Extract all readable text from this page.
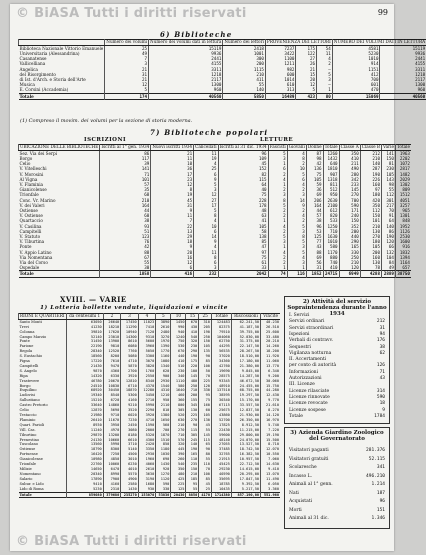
© BiASA Tutti i diritti riservati	99
6) Biblioteche
	Numero dei volumi	Numero dei volumi dati in lettura	Numero dei lettori	PROVENIENZA DEI LETTORI			NUMERO DEI VOLUMI DATI IN LETTURA	
Biblioteca Nazionale Vittorio Emanuele	25	15119	2418	7237	175	54	4581	15119
Universitaria (Alessandrina)	49	9936	1001	3422	122	11	5230	9936
Casanatense	7	2441	300	1100	27	4	1010	2441
Vallicelliana	3	4155	200	1211	26	2	914	4155
Angelica	21	3311	1115	982	21	—	1151	3311
del Risorgimento	31	1218	210	600	15	5	412	1218
di Ist. d'Arch. e Storia dell'Arte	21	2117	411	1014	20	3	700	2117
Musica	12	1300	55	610	12	—	601	1300
E. Corsini (Accademia)	5	960	140	313	5	1	470	960
Totale	174	40560	5850	16489	423	80	15069	40560
(1) Compreso il movim. dei volumi per la sezione di storia moderna.
7) Biblioteche popolari
ISCRIZIONI	LETTURE
UBICAZIONE DELLE BIBLIOTECHE	Iscritti al 1° gen. 1934	Nuovi iscritti 1934	Cancellati	Iscritti al 31 dic. 1934	Fascisti	Giovani	Donne	Totale	Classe A	Classe B	Varie	Totale
Sez. Via dei Serpi	86	21	11	96	5	4	87	1260	350	212	141	1963
Borgo	117	11	19	109	3	8	98	1432	410	210	150	2202
Celio	39	10	4	45	1	2	42	640	211	140	81	1072
V. Vitelleschi	141	36	25	152	6	10	136	1810	490	287	230	2817
V. Morosini	71	17	6	82	2	5	75	907	280	190	105	1482
Al Vigna	101	23	9	115	4	6	105	1318	342	226	143	2029
V. Flaminia	57	12	5	64	1	4	59	811	233	160	98	1302
Gianicolense	35	8	3	40	2	2	36	512	145	97	55	809
Trionfale	68	19	12	75	3	3	69	950	270	180	112	1512
Conc. Vr. Marino	210	45	27	228	8	14	206	2630	700	420	301	4051
V. dei Valeri	164	31	17	178	5	9	164	2100	590	350	217	3257
Ostiense	44	9	5	48	2	2	44	612	171	112	70	965
V. Ostiense	60	11	8	63	2	4	57	820	240	150	91	1301
Quartaccio	38	7	4	41	1	2	38	533	150	101	64	848
V. Casilina	93	22	10	105	4	5	96	1250	352	210	140	1952
Campitelli	51	13	6	58	2	3	53	710	200	130	86	1126
V. Statuto	123	29	14	138	5	8	125	1630	440	270	190	2530
V. Tiburtina	76	18	9	85	3	5	77	1010	290	180	120	1600
Ponte	42	9	4	47	1	3	43	580	165	105	66	916
V. Appio Latino	88	20	11	97	4	5	88	1170	330	200	132	1832
Via Nomentana	67	16	8	75	2	4	69	880	250	160	104	1394
Via del Corso	55	12	6	61	2	3	56	740	210	130	84	1164
Ospedale	30	6	3	33	1	1	31	410	120	78	49	657
Totale	1858	416	232	2042	74	116	1852	24715	6949	4288	2889	38750
XVIII. — VARIE
1) Lotteria bollette vendute, liquidazioni e vincite
RIONI E QUARTIERI	da centesimi 1	2	3	4	5	10	15	25	Totale	Riscossioni	Vincite
Santo Monti	63050	26640	17450	11023	3890	1450	670	310	124483	62.241,50	40.230
Trevi	41230	18210	11290	7410	2610	990	430	205	82375	41.187,50	26.510
Colonna	39810	17620	10940	7120	2480	940	410	190	79510	39.755,00	25.600
Campo Marzio	52140	23010	14300	9310	3270	1240	540	250	104060	52.030,00	33.480
Ponte	31450	13900	8610	5600	1970	750	320	150	62750	31.375,00	20.210
Parione	22190	9810	6080	3960	1390	530	230	105	44295	22.147,50	14.260
Regola	28340	12520	7760	5050	1770	670	290	135	56535	28.267,50	18.200
S. Eustachio	18560	8200	5080	3300	1160	440	190	90	37020	18.510,00	11.920
Pigna	17220	7610	4710	3070	1080	410	175	85	34360	17.180,00	11.060
Campitelli	21430	9470	5870	3820	1340	510	220	100	42760	21.380,00	13.770
S. Angelo	9870	4360	2700	1760	620	230	100	50	19690	9.845,00	6.340
Ripa	14320	6330	3920	2550	900	340	145	70	28575	14.287,50	9.200
Trastevere	46780	20670	12810	8340	2930	1110	480	225	93345	46.672,50	30.060
Borgo	24510	10830	6710	4370	1540	580	250	120	48910	24.455,00	15.750
Esquilino	68920	30450	18870	12280	4310	1640	710	330	137510	68.755,00	44.280
Ludovisi	19340	8540	5300	3450	1210	460	200	95	38595	19.297,50	12.430
Sallustiano	15210	6720	4160	2710	950	360	155	75	30340	15.170,00	9.770
Castro Pretorio	33640	14860	9210	5990	2110	800	345	160	67115	33.557,50	21.610
Celio	12870	5690	3520	2290	810	305	130	60	25675	12.837,50	8.270
Testaccio	21980	9710	6020	3920	1380	520	225	105	43860	21.930,00	14.120
Flaminio	26410	11670	7230	4710	1650	630	270	130	52700	26.350,00	16.970
Quart. Parioli	8930	3950	2450	1590	560	210	90	45	17825	8.912,50	5.740
Vill. Cas.	11240	4970	3080	2000	700	270	115	55	22430	11.215,00	7.220
Tiburtino	29870	13200	8180	5320	1870	710	305	145	59600	29.800,00	19.190
Prenestino	24130	10660	6610	4300	1510	570	245	115	48140	24.070,00	15.500
Tuscolano	13560	5990	3710	2420	850	320	140	65	27055	13.527,50	8.710
Ostiense	18790	8300	5140	3350	1180	445	190	90	37485	18.742,50	12.070
Portuense	16420	7250	4500	2930	1030	390	165	80	32765	16.382,50	10.550
Gianicolense	10980	4850	3010	1960	690	260	110	55	21915	10.957,50	7.060
Trionfale	22760	10060	6230	4060	1430	540	235	110	45425	22.712,50	14.630
Milizie	14650	6470	4010	2610	920	350	150	70	29230	14.615,00	9.410
Nomentano	20340	8990	5570	3630	1270	480	210	100	40590	20.295,00	13.070
Salario	17890	7900	4900	3190	1120	425	185	85	35695	17.847,50	11.490
Subur. e Lido	9410	4160	2580	1680	590	225	95	45	18785	9.392,50	6.050
Lido di Roma	5230	2310	1430	930	330	125	55	25	10435	5.217,50	3.360
Totale	859080	379680	235270	153070	53830	20430	8850	4170	1714380	857.190,00	551.960
2) Attività del servizio Sopraintendenza durante l'anno 1934
I. Servizi
Servizi ordinari	212
Servizi straordinari	31
Ispezioni	94
Verbali di contravv.	176
Sequestri	38
Vigilanza notturna	62
II. Accertamenti
per conto di autorità	126
Informazioni	71
Autorizzazioni	43
III. Licenze
Licenze rilasciate	314
Licenze rinnovate	590
Licenze revocate	18
Licenze sospese	9
Totale	1784
3) Azienda Giardino Zoologico del Governatorato
Visitatori paganti	281.376
Visitatori gratuiti	52.115
Scolaresche	341
Incasso L.	496.210
Animali al 1° genn.	1.214
Nati	187
Acquistati	96
Morti	151
Animali al 31 dic.	1.346
© BiASA Tutti i diritti riservati
